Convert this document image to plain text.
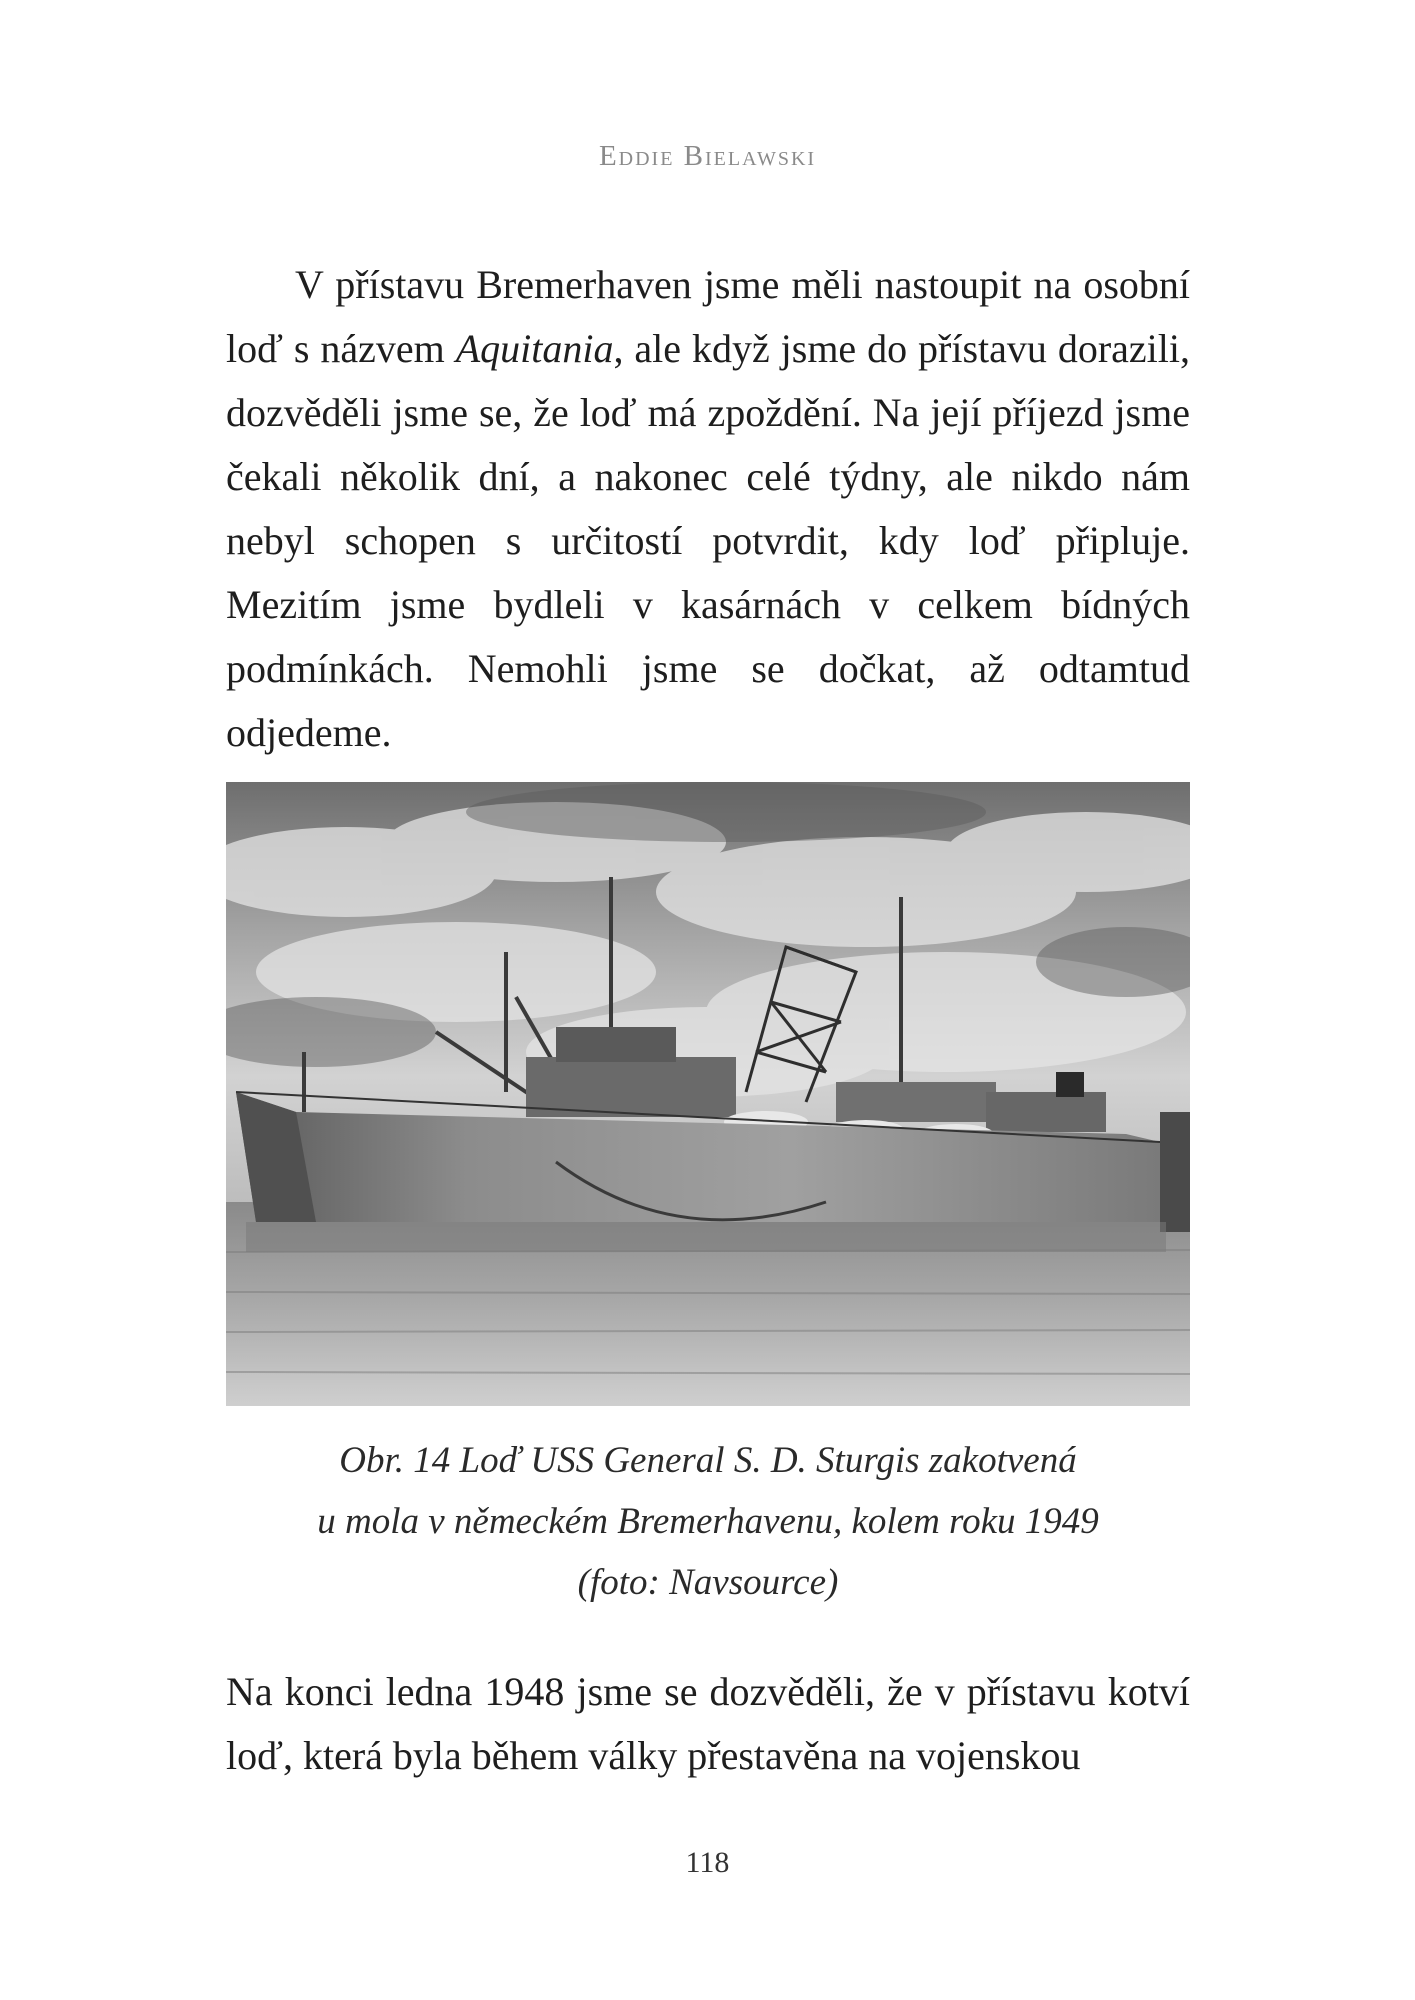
Eddie Bielawski

V přístavu Bremerhaven jsme měli nastoupit na osobní loď s názvem Aquitania, ale když jsme do přístavu dorazili, dozvěděli jsme se, že loď má zpoždění. Na její příjezd jsme čekali několik dní, a nakonec celé týdny, ale nikdo nám nebyl schopen s určitostí potvrdit, kdy loď připluje. Mezitím jsme bydleli v kasárnách v celkem bídných podmínkách. Nemohli jsme se dočkat, až odtamtud odjedeme.

Obr. 14 Loď USS General S. D. Sturgis zakotvená
u mola v německém Bremerhavenu, kolem roku 1949
(foto: Navsource)

Na konci ledna 1948 jsme se dozvěděli, že v přístavu kotví loď, která byla během války přestavěna na vojenskou

118
